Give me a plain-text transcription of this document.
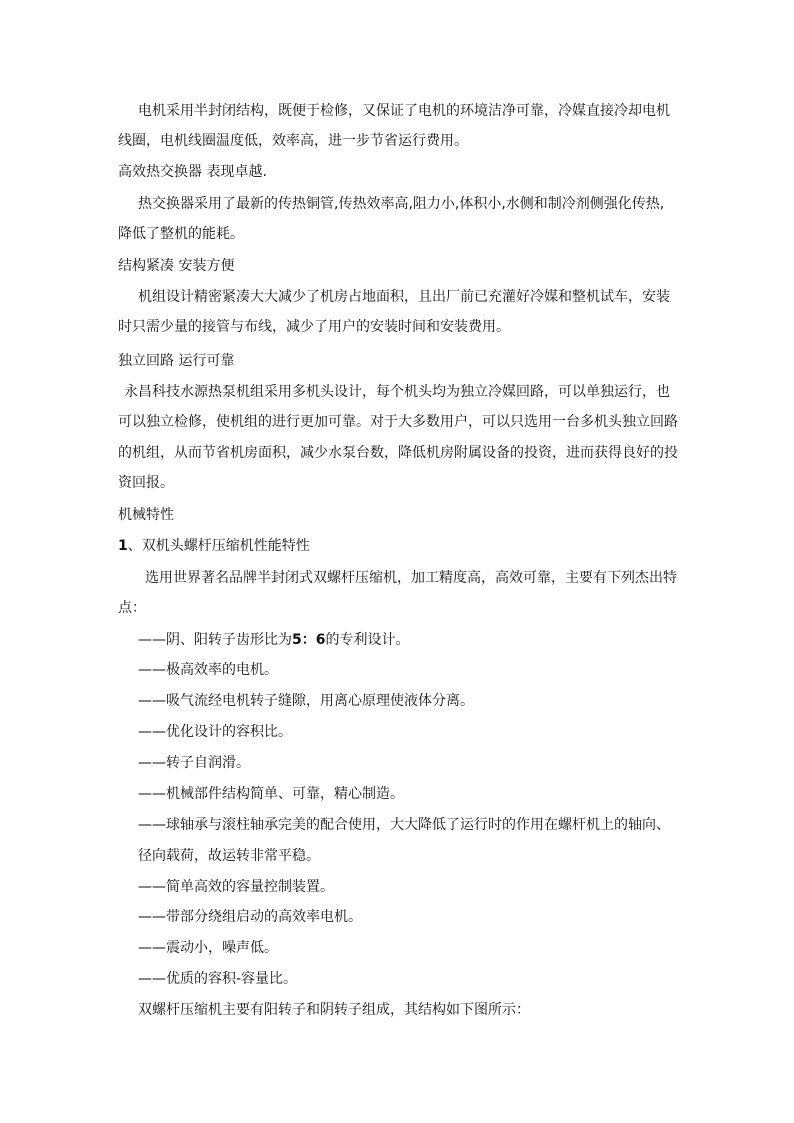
电机采用半封闭结构，既便于检修，又保证了电机的环境洁净可靠，冷媒直接冷却电机
线圈，电机线圈温度低，效率高，进一步节省运行费用。
高效热交换器 表现卓越.
热交换器采用了最新的传热铜管,传热效率高,阻力小,体积小,水侧和制冷剂侧强化传热,
降低了整机的能耗。
结构紧凑 安装方便
机组设计精密紧凑大大减少了机房占地面积，且出厂前已充灌好冷媒和整机试车，安装
时只需少量的接管与布线，减少了用户的安装时间和安装费用。
独立回路 运行可靠
永昌科技水源热泵机组采用多机头设计，每个机头均为独立冷媒回路，可以单独运行，也
可以独立检修，使机组的进行更加可靠。对于大多数用户，可以只选用一台多机头独立回路
的机组，从而节省机房面积，减少水泵台数，降低机房附属设备的投资，进而获得良好的投
资回报。
机械特性
1、双机头螺杆压缩机性能特性
选用世界著名品牌半封闭式双螺杆压缩机，加工精度高，高效可靠，主要有下列杰出特
点：
——阴、阳转子齿形比为5：6的专利设计。
——极高效率的电机。
——吸气流经电机转子缝隙，用离心原理使液体分离。
——优化设计的容积比。
——转子自润滑。
——机械部件结构简单、可靠，精心制造。
——球轴承与滚柱轴承完美的配合使用，大大降低了运行时的作用在螺杆机上的轴向、
径向载荷，故运转非常平稳。
——简单高效的容量控制装置。
——带部分绕组启动的高效率电机。
——震动小，噪声低。
——优质的容积-容量比。
双螺杆压缩机主要有阳转子和阴转子组成，其结构如下图所示：
